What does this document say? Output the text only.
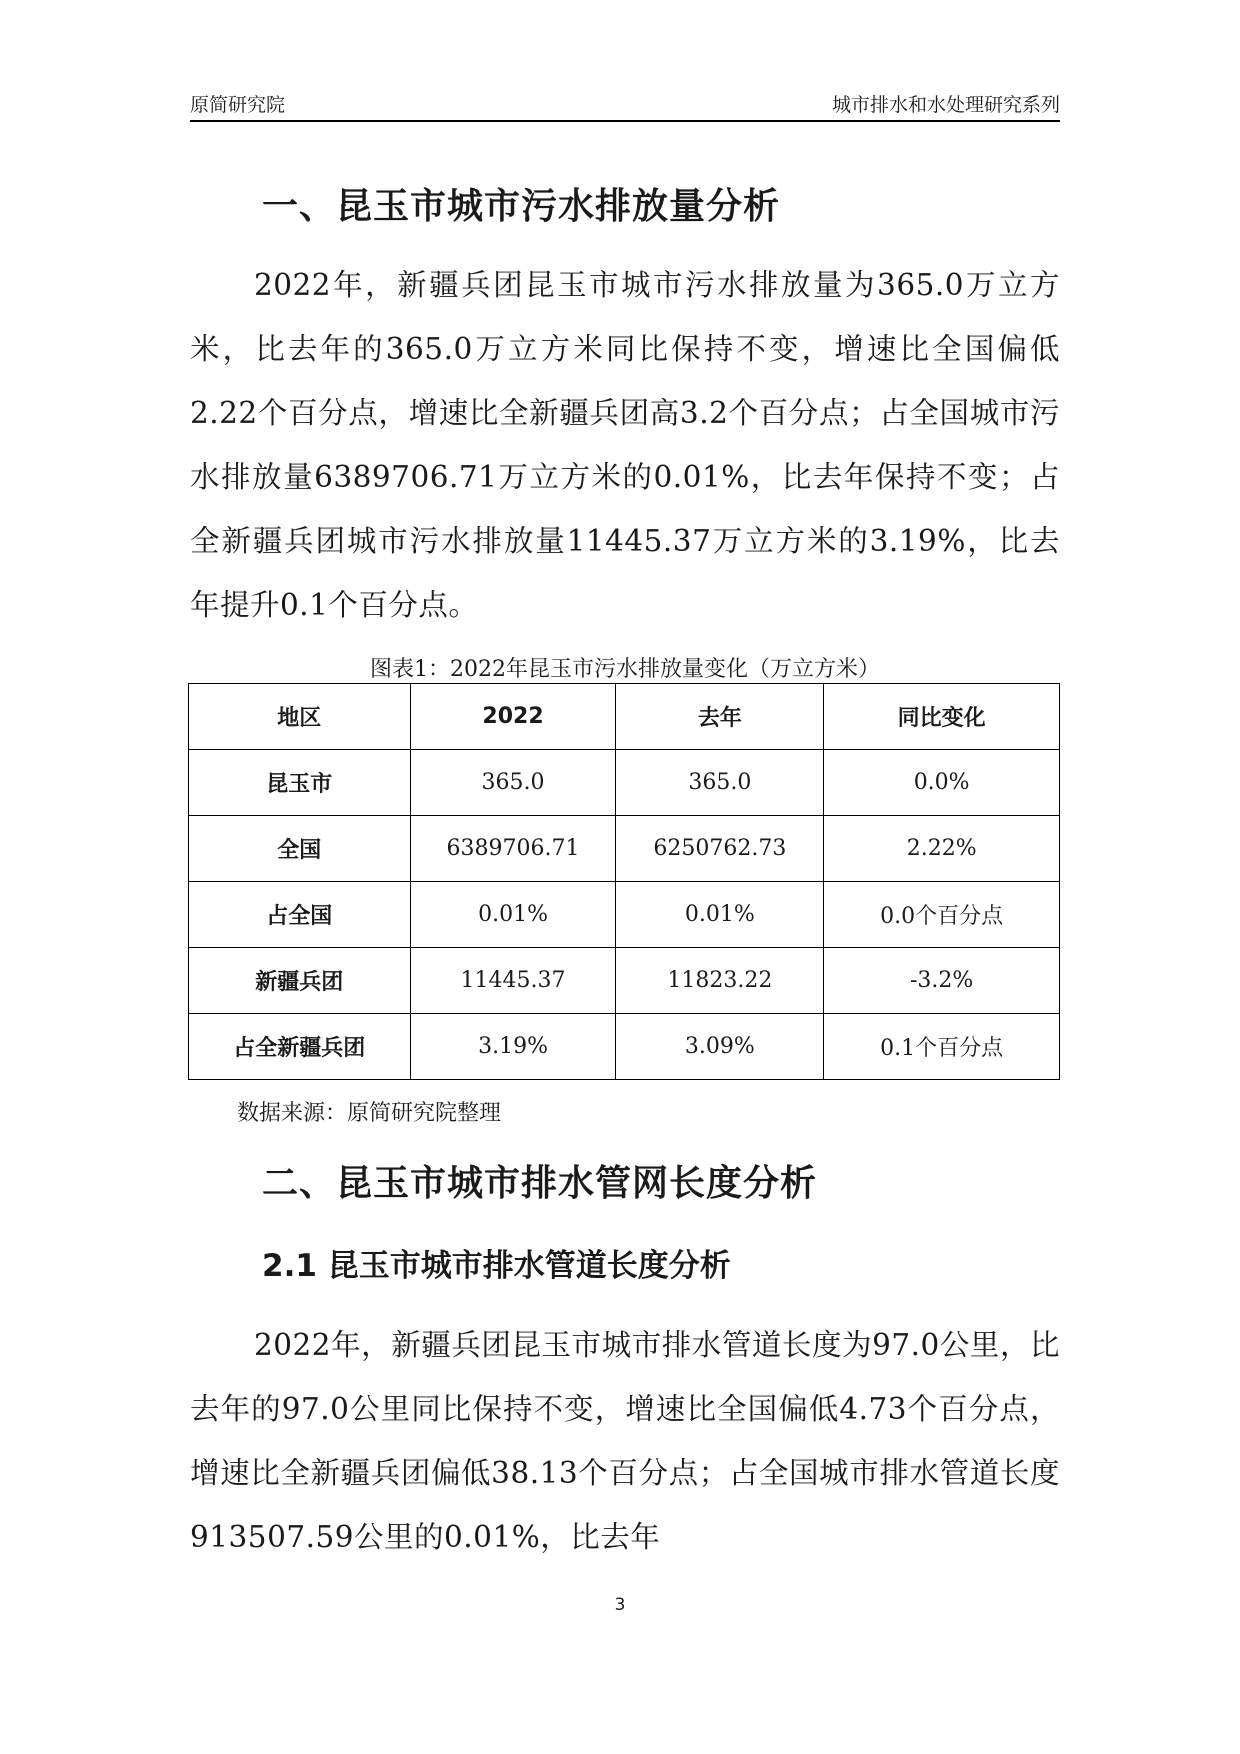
原简研究院	城市排水和水处理研究系列
一、昆玉市城市污水排放量分析

2022年，新疆兵团昆玉市城市污水排放量为365.0万立方米，比去年的365.0万立方米同比保持不变，增速比全国偏低2.22个百分点，增速比全新疆兵团高3.2个百分点；占全国城市污水排放量6389706.71万立方米的0.01%，比去年保持不变；占全新疆兵团城市污水排放量11445.37万立方米的3.19%，比去年提升0.1个百分点。

图表1：2022年昆玉市污水排放量变化（万立方米）

地区	2022	去年	同比变化
昆玉市	365.0	365.0	0.0%
全国	6389706.71	6250762.73	2.22%
占全国	0.01%	0.01%	0.0个百分点
新疆兵团	11445.37	11823.22	-3.2%
占全新疆兵团	3.19%	3.09%	0.1个百分点

数据来源：原简研究院整理

二、昆玉市城市排水管网长度分析
2.1 昆玉市城市排水管道长度分析

2022年，新疆兵团昆玉市城市排水管道长度为97.0公里，比去年的97.0公里同比保持不变，增速比全国偏低4.73个百分点，增速比全新疆兵团偏低38.13个百分点；占全国城市排水管道长度913507.59公里的0.01%，比去年

3
